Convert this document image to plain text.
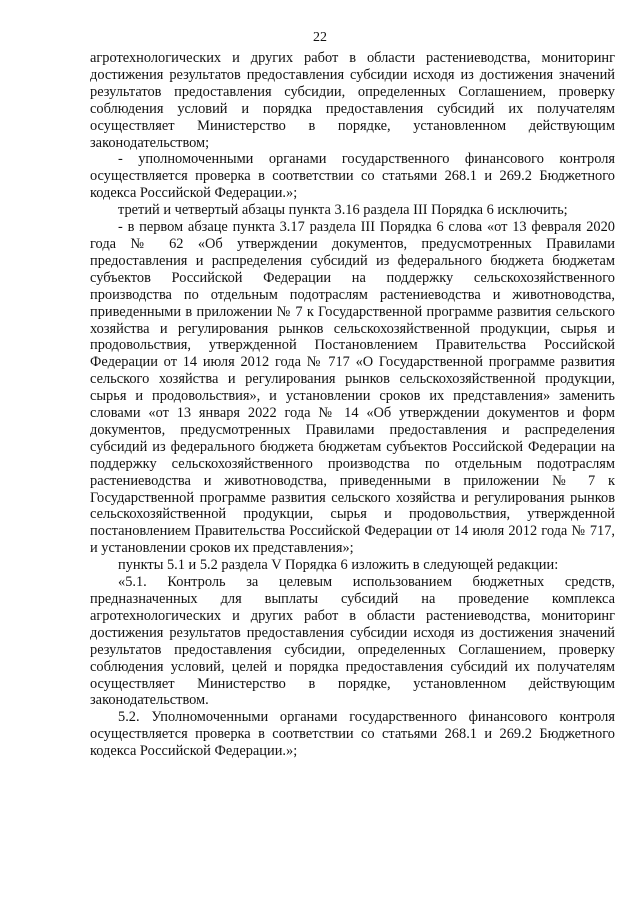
22

агротехнологических и других работ в области растениеводства, мониторинг достижения результатов предоставления субсидии исходя из достижения значений результатов предоставления субсидии, определенных Соглашением, проверку соблюдения условий и порядка предоставления субсидий их получателям осуществляет Министерство в порядке, установленном действующим законодательством;

- уполномоченными органами государственного финансового контроля осуществляется проверка в соответствии со статьями 268.1 и 269.2 Бюджетного кодекса Российской Федерации.»;

третий и четвертый абзацы пункта 3.16 раздела III Порядка 6 исключить;

- в первом абзаце пункта 3.17 раздела III Порядка 6 слова «от 13 февраля 2020 года № 62 «Об утверждении документов, предусмотренных Правилами предоставления и распределения субсидий из федерального бюджета бюджетам субъектов Российской Федерации на поддержку сельскохозяйственного производства по отдельным подотраслям растениеводства и животноводства, приведенными в приложении № 7 к Государственной программе развития сельского хозяйства и регулирования рынков сельскохозяйственной продукции, сырья и продовольствия, утвержденной Постановлением Правительства Российской Федерации от 14 июля 2012 года № 717 «О Государственной программе развития сельского хозяйства и регулирования рынков сельскохозяйственной продукции, сырья и продовольствия», и установлении сроков их представления» заменить словами «от 13 января 2022 года № 14 «Об утверждении документов и форм документов, предусмотренных Правилами предоставления и распределения субсидий из федерального бюджета бюджетам субъектов Российской Федерации на поддержку сельскохозяйственного производства по отдельным подотраслям растениеводства и животноводства, приведенными в приложении № 7 к Государственной программе развития сельского хозяйства и регулирования рынков сельскохозяйственной продукции, сырья и продовольствия, утвержденной постановлением Правительства Российской Федерации от 14 июля 2012 года № 717, и установлении сроков их представления»;

пункты 5.1 и 5.2 раздела V Порядка 6 изложить в следующей редакции:

«5.1. Контроль за целевым использованием бюджетных средств, предназначенных для выплаты субсидий на проведение комплекса агротехнологических и других работ в области растениеводства, мониторинг достижения результатов предоставления субсидии исходя из достижения значений результатов предоставления субсидии, определенных Соглашением, проверку соблюдения условий, целей и порядка предоставления субсидий их получателям осуществляет Министерство в порядке, установленном действующим законодательством.

5.2. Уполномоченными органами государственного финансового контроля осуществляется проверка в соответствии со статьями 268.1 и 269.2 Бюджетного кодекса Российской Федерации.»;
